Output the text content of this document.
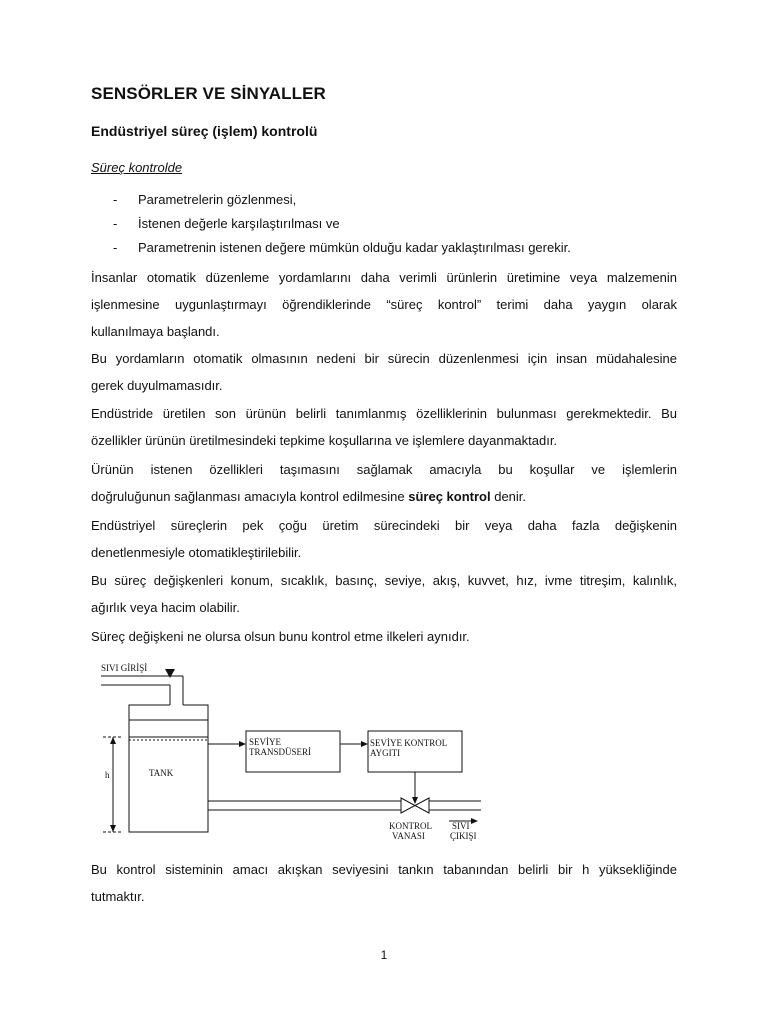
SENSÖRLER VE SİNYALLER
Endüstriyel süreç (işlem) kontrolü
Süreç kontrolde
- Parametrelerin gözlenmesi,
- İstenen değerle karşılaştırılması ve
- Parametrenin istenen değere mümkün olduğu kadar yaklaştırılması gerekir.

İnsanlar otomatik düzenleme yordamlarını daha verimli ürünlerin üretimine veya malzemenin
işlenmesine uygunlaştırmayı öğrendiklerinde “süreç kontrol” terimi daha yaygın olarak
kullanılmaya başlandı.

Bu yordamların otomatik olmasının nedeni bir sürecin düzenlenmesi için insan müdahalesine
gerek duyulmamasıdır.

Endüstride üretilen son ürünün belirli tanımlanmış özelliklerinin bulunması gerekmektedir. Bu
özellikler ürünün üretilmesindeki tepkime koşullarına ve işlemlere dayanmaktadır.

Ürünün istenen özellikleri taşımasını sağlamak amacıyla bu koşullar ve işlemlerin
doğruluğunun sağlanması amacıyla kontrol edilmesine süreç kontrol denir.

Endüstriyel süreçlerin pek çoğu üretim sürecindeki bir veya daha fazla değişkenin
denetlenmesiyle otomatikleştirilebilir.

Bu süreç değişkenleri konum, sıcaklık, basınç, seviye, akış, kuvvet, hız, ivme titreşim, kalınlık,
ağırlık veya hacim olabilir.

Süreç değişkeni ne olursa olsun bunu kontrol etme ilkeleri aynıdır.

Bu kontrol sisteminin amacı akışkan seviyesini tankın tabanından belirli bir h yüksekliğinde
tutmaktır.

SIVI GİRİŞİ
TANK
h
SEVİYE
TRANSDÜSERİ
SEVİYE KONTROL
AYGITI
KONTROL
VANASI
SIVI
ÇIKIŞI
1
